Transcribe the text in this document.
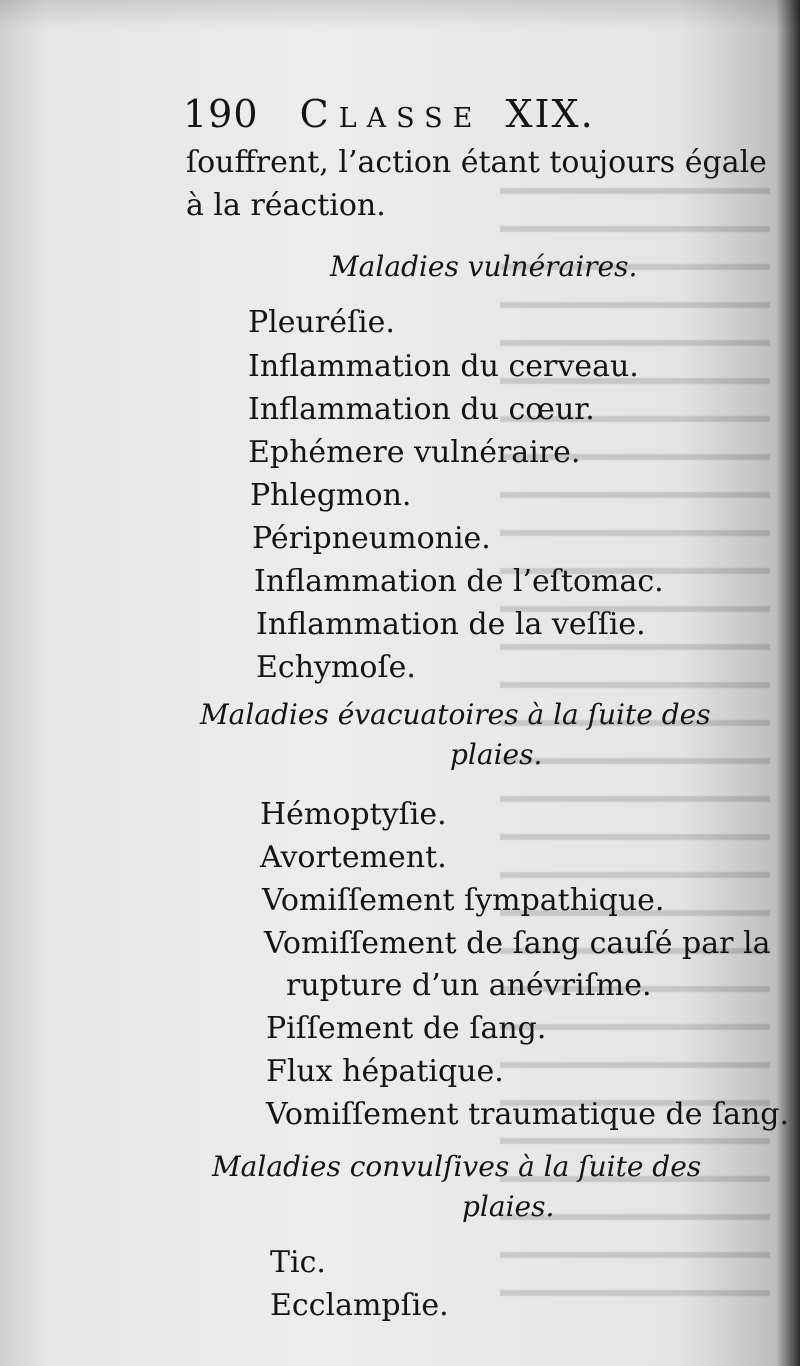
190 Classe XIX.
ſouffrent, l’action étant toujours égale
à la réaction.
Maladies vulnéraires.
Pleuréſie.
Inflammation du cerveau.
Inflammation du cœur.
Ephémere vulnéraire.
Phlegmon.
Péripneumonie.
Inflammation de l’eſtomac.
Inflammation de la veſſie.
Echymoſe.
Maladies évacuatoires à la ſuite des
plaies.
Hémoptyſie.
Avortement.
Vomiſſement ſympathique.
Vomiſſement de ſang cauſé par la
rupture d’un anévriſme.
Piſſement de ſang.
Flux hépatique.
Vomiſſement traumatique de ſang.
Maladies convulſives à la ſuite des
plaies.
Tic.
Ecclampſie.
